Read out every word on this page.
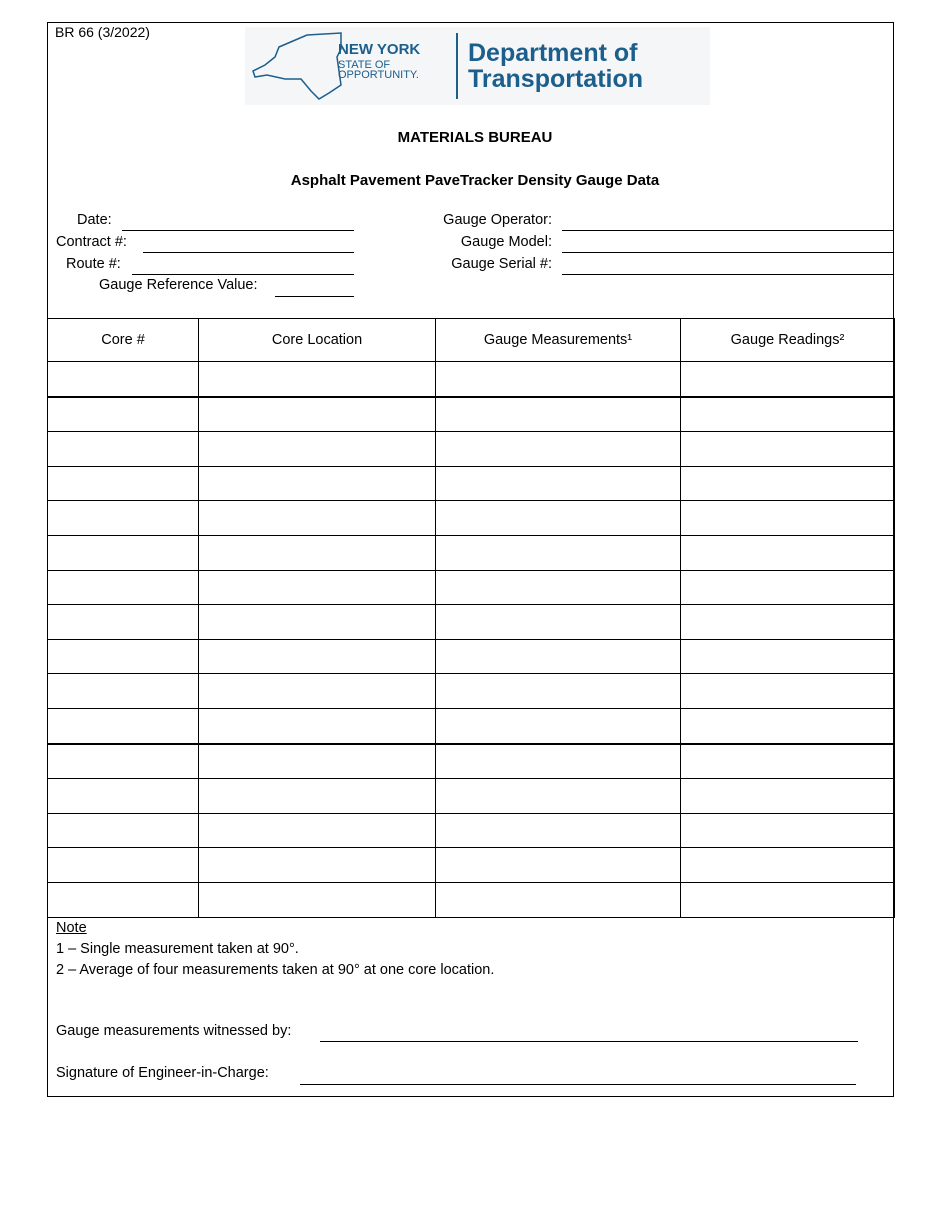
BR 66 (3/2022)
NEW YORK
STATE OF
OPPORTUNITY.
Department of
Transportation
MATERIALS BUREAU
Asphalt Pavement PaveTracker Density Gauge Data
Date:
Contract #:
Route #:
Gauge Reference Value:
Gauge Operator:
Gauge Model:
Gauge Serial #:
Core #	Core Location	Gauge Measurements¹	Gauge Readings²

Note
1 – Single measurement taken at 90°.
2 – Average of four measurements taken at 90° at one core location.
Gauge measurements witnessed by:
Signature of Engineer-in-Charge:
